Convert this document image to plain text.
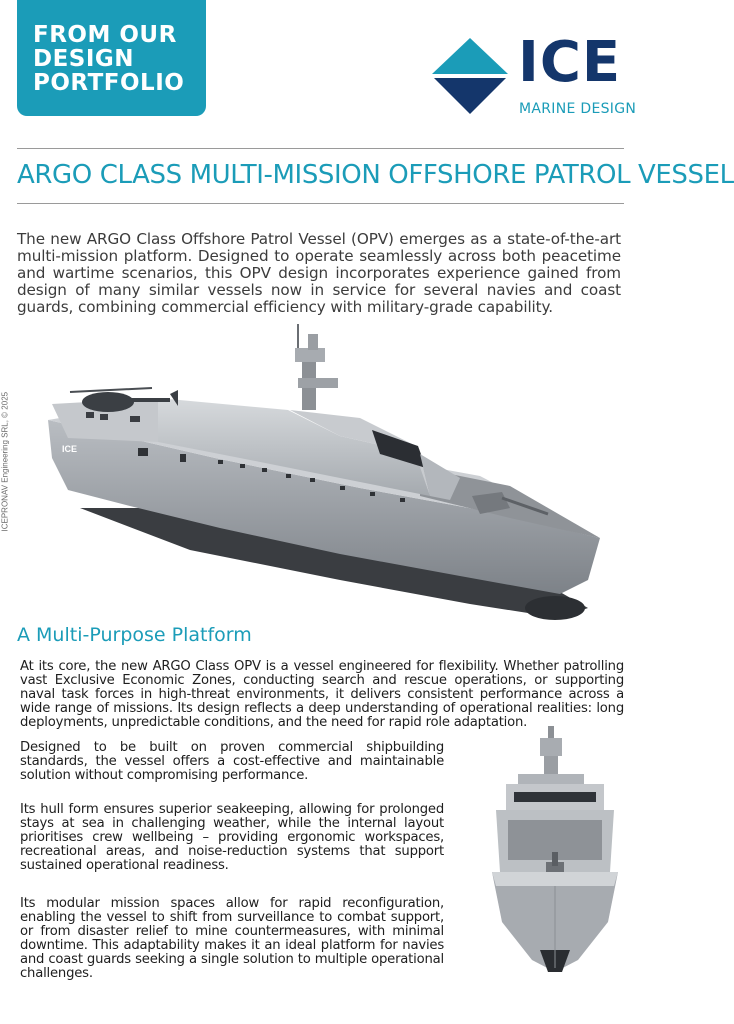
FROM OUR
DESIGN
PORTFOLIO	ICE
MARINE DESIGN
ARGO CLASS MULTI-MISSION OFFSHORE PATROL VESSEL
The new ARGO Class Offshore Patrol Vessel (OPV) emerges as a state-of-the-art multi-mission platform. Designed to operate seamlessly across both peacetime and wartime scenarios, this OPV design incorporates experience gained from design of many similar vessels now in service for several navies and coast guards, combining commercial efficiency with military-grade capability.
ICEPRONAV Engineering SRL, © 2025	ICE
A Multi-Purpose Platform
At its core, the new ARGO Class OPV is a vessel engineered for flexibility. Whether patrolling vast Exclusive Economic Zones, conducting search and rescue operations, or supporting naval task forces in high-threat environments, it delivers consistent performance across a wide range of missions. Its design reflects a deep understanding of operational realities: long deployments, unpredictable conditions, and the need for rapid role adaptation.
Designed to be built on proven commercial shipbuilding standards, the vessel offers a cost-effective and maintainable solution without compromising performance.
Its hull form ensures superior seakeeping, allowing for prolonged stays at sea in challenging weather, while the internal layout prioritises crew wellbeing – providing ergonomic workspaces, recreational areas, and noise-reduction systems that support sustained operational readiness.
Its modular mission spaces allow for rapid reconfiguration, enabling the vessel to shift from surveillance to combat support, or from disaster relief to mine countermeasures, with minimal downtime. This adaptability makes it an ideal platform for navies and coast guards seeking a single solution to multiple operational challenges.
